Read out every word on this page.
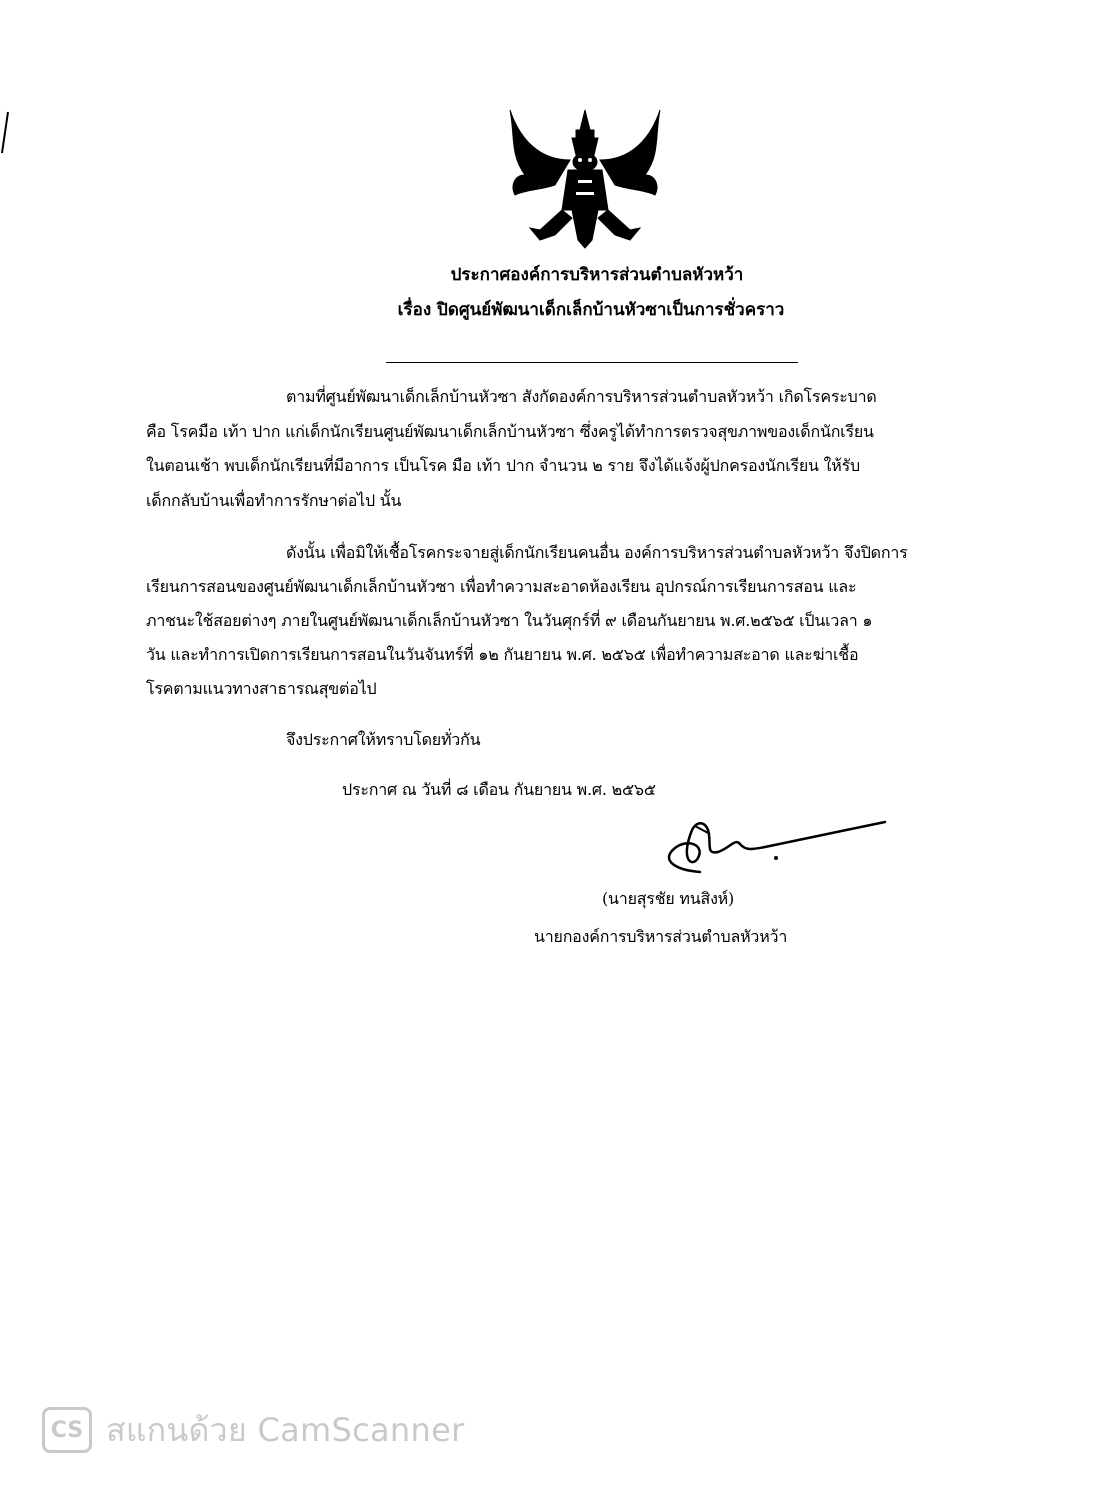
ประกาศองค์การบริหารส่วนตำบลหัวหว้า
เรื่อง ปิดศูนย์พัฒนาเด็กเล็กบ้านหัวซาเป็นการชั่วคราว
ตามที่ศูนย์พัฒนาเด็กเล็กบ้านหัวซา สังกัดองค์การบริหารส่วนตำบลหัวหว้า เกิดโรคระบาด
คือ โรคมือ เท้า ปาก แก่เด็กนักเรียนศูนย์พัฒนาเด็กเล็กบ้านหัวซา ซึ่งครูได้ทำการตรวจสุขภาพของเด็กนักเรียน
ในตอนเช้า พบเด็กนักเรียนที่มีอาการ เป็นโรค มือ เท้า ปาก จำนวน ๒ ราย จึงได้แจ้งผู้ปกครองนักเรียน ให้รับ
เด็กกลับบ้านเพื่อทำการรักษาต่อไป นั้น
ดังนั้น เพื่อมิให้เชื้อโรคกระจายสู่เด็กนักเรียนคนอื่น องค์การบริหารส่วนตำบลหัวหว้า จึงปิดการ
เรียนการสอนของศูนย์พัฒนาเด็กเล็กบ้านหัวซา เพื่อทำความสะอาดห้องเรียน อุปกรณ์การเรียนการสอน และ
ภาชนะใช้สอยต่างๆ ภายในศูนย์พัฒนาเด็กเล็กบ้านหัวซา ในวันศุกร์ที่ ๙ เดือนกันยายน พ.ศ.๒๕๖๕ เป็นเวลา ๑
วัน และทำการเปิดการเรียนการสอนในวันจันทร์ที่ ๑๒ กันยายน พ.ศ. ๒๕๖๕ เพื่อทำความสะอาด และฆ่าเชื้อ
โรคตามแนวทางสาธารณสุขต่อไป
จึงประกาศให้ทราบโดยทั่วกัน
ประกาศ ณ วันที่ ๘ เดือน กันยายน พ.ศ. ๒๕๖๕
(นายสุรชัย ทนสิงห์)
นายกองค์การบริหารส่วนตำบลหัวหว้า
CS สแกนด้วย CamScanner
